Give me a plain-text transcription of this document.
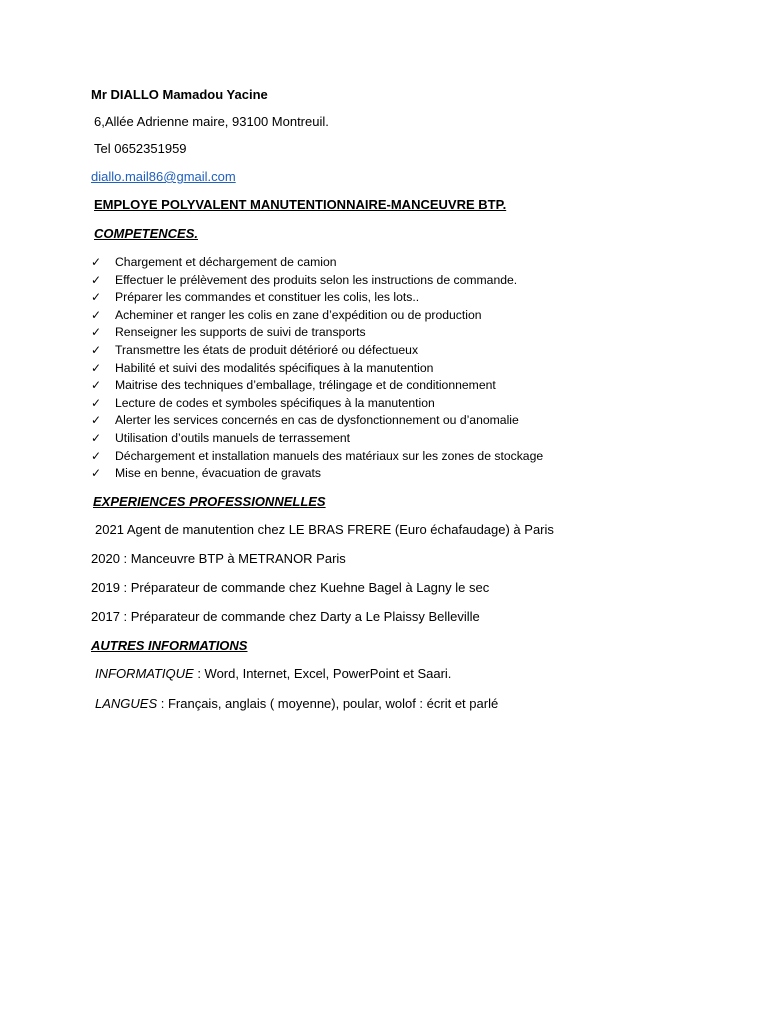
Mr DIALLO Mamadou Yacine
6,Allée Adrienne maire, 93100 Montreuil.
Tel 0652351959
diallo.mail86@gmail.com
EMPLOYE POLYVALENT MANUTENTIONNAIRE-MANCEUVRE BTP.
COMPETENCES.
✓ Chargement et déchargement de camion
✓ Effectuer le prélèvement des produits selon les instructions de commande.
✓ Préparer les commandes et constituer les colis, les lots..
✓ Acheminer et ranger les colis en zane d’expédition ou de production
✓ Renseigner les supports de suivi de transports
✓ Transmettre les états de produit détérioré ou défectueux
✓ Habilité et suivi des modalités spécifiques à la manutention
✓ Maitrise des techniques d’emballage, trélingage et de conditionnement
✓ Lecture de codes et symboles spécifiques à la manutention
✓ Alerter les services concernés en cas de dysfonctionnement ou d’anomalie
✓ Utilisation d’outils manuels de terrassement
✓ Déchargement et installation manuels des matériaux sur les zones de stockage
✓ Mise en benne, évacuation de gravats
EXPERIENCES PROFESSIONNELLES
2021 Agent de manutention chez LE BRAS FRERE (Euro échafaudage) à Paris
2020 : Manceuvre BTP à METRANOR Paris
2019 : Préparateur de commande chez Kuehne Bagel à Lagny le sec
2017 : Préparateur de commande chez Darty a Le Plaissy Belleville
AUTRES INFORMATIONS
INFORMATIQUE : Word, Internet, Excel, PowerPoint et Saari.
LANGUES : Français, anglais ( moyenne), poular, wolof : écrit et parlé
